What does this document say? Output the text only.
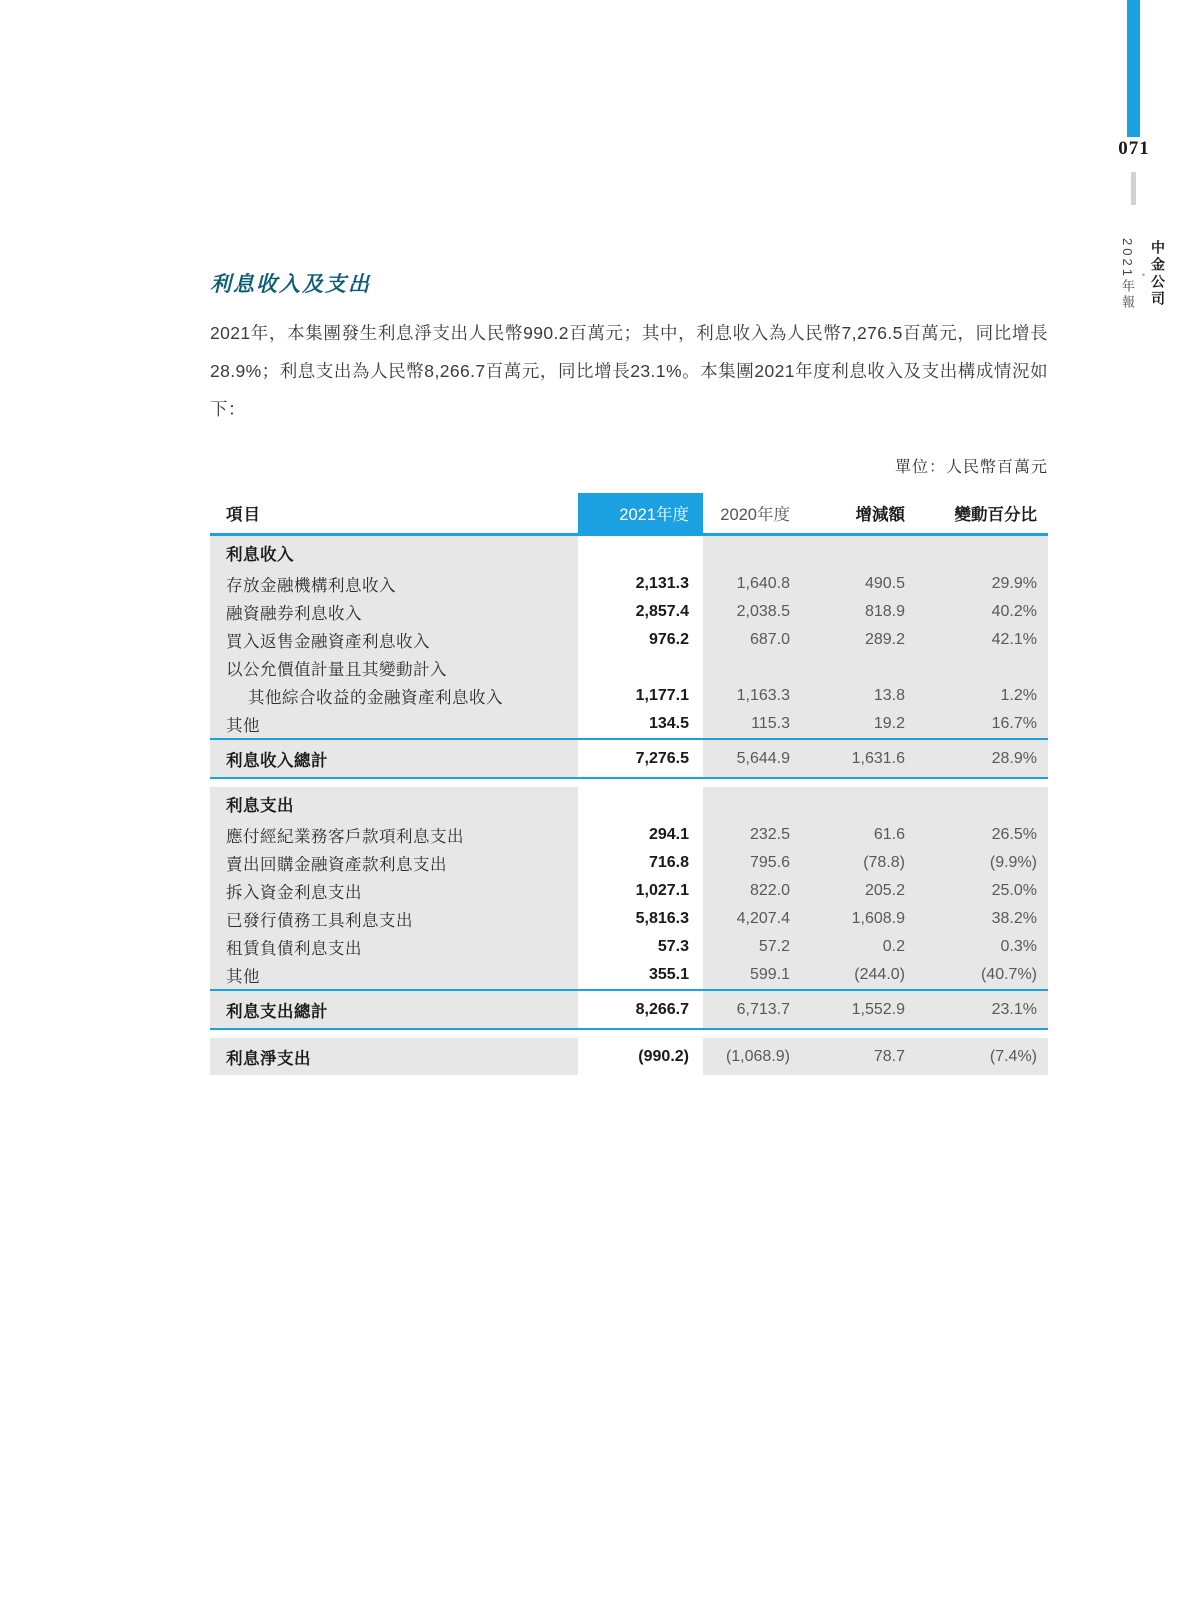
071
中金公司
•
2021年報
利息收入及支出
2021年，本集團發生利息淨支出人民幣990.2百萬元；其中，利息收入為人民幣7,276.5百萬元，同比增長28.9%；利息支出為人民幣8,266.7百萬元，同比增長23.1%。本集團2021年度利息收入及支出構成情況如下：
單位：人民幣百萬元
項目	2021年度	2020年度	增減額	變動百分比
利息收入
存放金融機構利息收入	2,131.3	1,640.8	490.5	29.9%
融資融券利息收入	2,857.4	2,038.5	818.9	40.2%
買入返售金融資產利息收入	976.2	687.0	289.2	42.1%
以公允價值計量且其變動計入
其他綜合收益的金融資產利息收入	1,177.1	1,163.3	13.8	1.2%
其他	134.5	115.3	19.2	16.7%
利息收入總計	7,276.5	5,644.9	1,631.6	28.9%
利息支出
應付經紀業務客戶款項利息支出	294.1	232.5	61.6	26.5%
賣出回購金融資產款利息支出	716.8	795.6	(78.8)	(9.9%)
拆入資金利息支出	1,027.1	822.0	205.2	25.0%
已發行債務工具利息支出	5,816.3	4,207.4	1,608.9	38.2%
租賃負債利息支出	57.3	57.2	0.2	0.3%
其他	355.1	599.1	(244.0)	(40.7%)
利息支出總計	8,266.7	6,713.7	1,552.9	23.1%
利息淨支出	(990.2)	(1,068.9)	78.7	(7.4%)
